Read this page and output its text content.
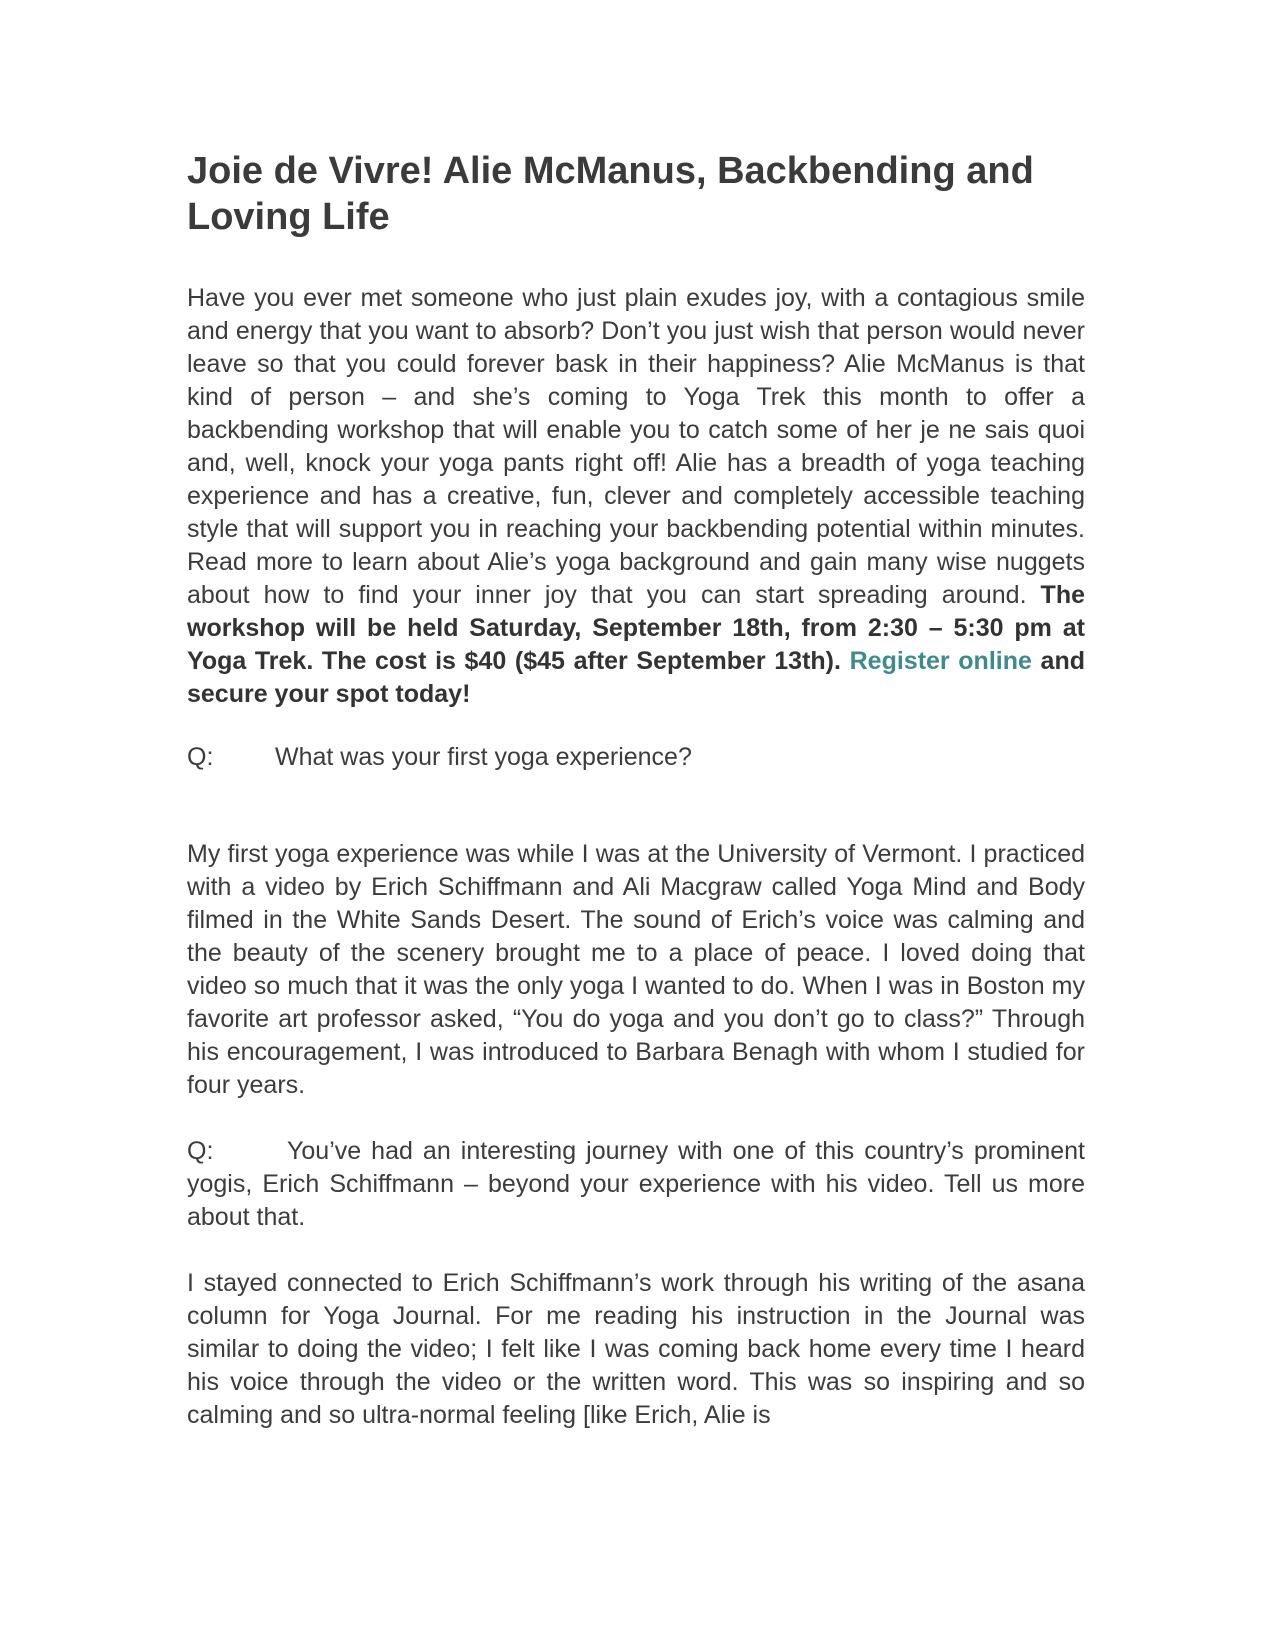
Joie de Vivre! Alie McManus, Backbending and Loving Life

Have you ever met someone who just plain exudes joy, with a contagious smile and energy that you want to absorb? Don’t you just wish that person would never leave so that you could forever bask in their happiness? Alie McManus is that kind of person – and she’s coming to Yoga Trek this month to offer a backbending workshop that will enable you to catch some of her je ne sais quoi and, well, knock your yoga pants right off! Alie has a breadth of yoga teaching experience and has a creative, fun, clever and completely accessible teaching style that will support you in reaching your backbending potential within minutes. Read more to learn about Alie’s yoga background and gain many wise nuggets about how to find your inner joy that you can start spreading around. The workshop will be held Saturday, September 18th, from 2:30 – 5:30 pm at Yoga Trek. The cost is $40 ($45 after September 13th). Register online and secure your spot today!

Q: What was your first yoga experience?

My first yoga experience was while I was at the University of Vermont. I practiced with a video by Erich Schiffmann and Ali Macgraw called Yoga Mind and Body filmed in the White Sands Desert. The sound of Erich’s voice was calming and the beauty of the scenery brought me to a place of peace. I loved doing that video so much that it was the only yoga I wanted to do. When I was in Boston my favorite art professor asked, “You do yoga and you don’t go to class?” Through his encouragement, I was introduced to Barbara Benagh with whom I studied for four years.

Q:	You’ve had an interesting journey with one of this country’s prominent yogis, Erich Schiffmann – beyond your experience with his video. Tell us more about that.

I stayed connected to Erich Schiffmann’s work through his writing of the asana column for Yoga Journal. For me reading his instruction in the Journal was similar to doing the video; I felt like I was coming back home every time I heard his voice through the video or the written word. This was so inspiring and so calming and so ultra-normal feeling [like Erich, Alie is
